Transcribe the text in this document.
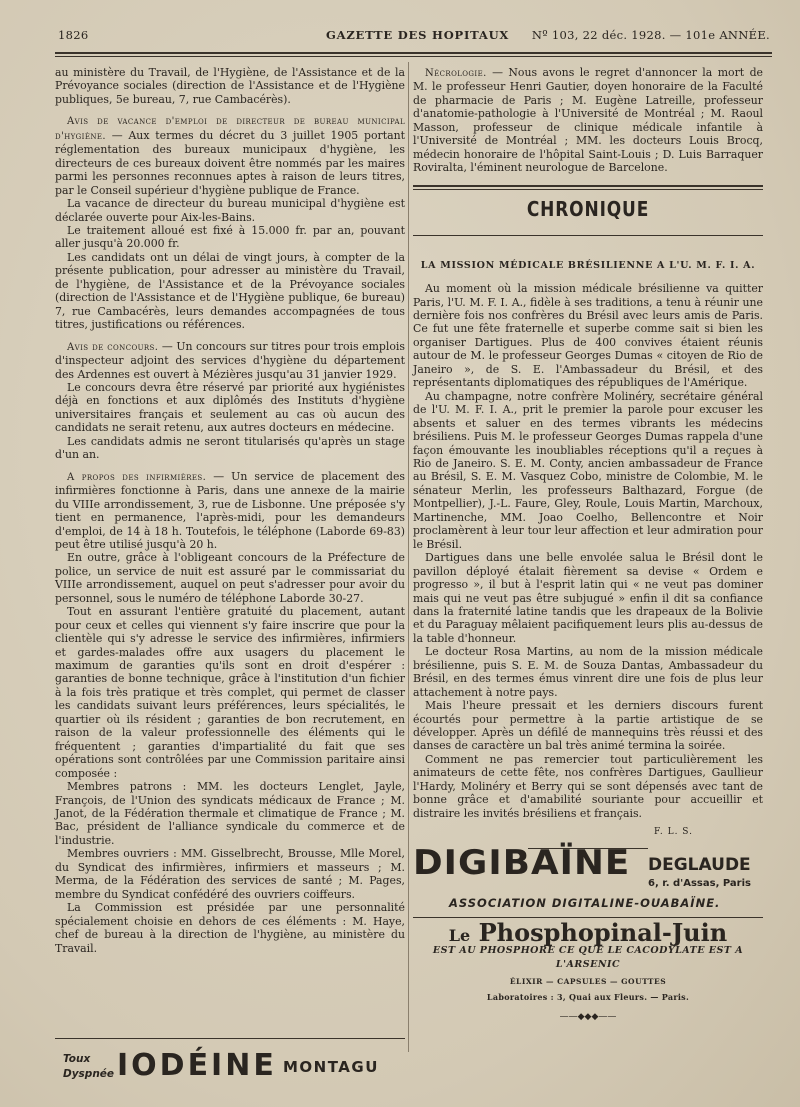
1826	GAZETTE DES HOPITAUX Nº 103, 22 déc. 1928. — 101e ANNÉE.

au ministère du Travail, de l'Hygiène, de l'Assistance et de la Prévoyance sociales (direction de l'Assistance et de l'Hygiène publiques, 5e bureau, 7, rue Cambacérès).

Avis de vacance d'emploi de directeur de bureau municipal d'hygiène. — Aux termes du décret du 3 juillet 1905 portant réglementation des bureaux municipaux d'hygiène, les directeurs de ces bureaux doivent être nommés par les maires parmi les personnes reconnues aptes à raison de leurs titres, par le Conseil supérieur d'hygiène publique de France.

La vacance de directeur du bureau municipal d'hygiène est déclarée ouverte pour Aix-les-Bains.

Le traitement alloué est fixé à 15.000 fr. par an, pouvant aller jusqu'à 20.000 fr.

Les candidats ont un délai de vingt jours, à compter de la présente publication, pour adresser au ministère du Travail, de l'hygiène, de l'Assistance et de la Prévoyance sociales (direction de l'Assistance et de l'Hygiène publique, 6e bureau) 7, rue Cambacérès, leurs demandes accompagnées de tous titres, justifications ou références.

Avis de concours. — Un concours sur titres pour trois emplois d'inspecteur adjoint des services d'hygiène du département des Ardennes est ouvert à Mézières jusqu'au 31 janvier 1929.

Le concours devra être réservé par priorité aux hygiénistes déjà en fonctions et aux diplômés des Instituts d'hygiène universitaires français et seulement au cas où aucun des candidats ne serait retenu, aux autres docteurs en médecine.

Les candidats admis ne seront titularisés qu'après un stage d'un an.

A propos des infirmières. — Un service de placement des infirmières fonctionne à Paris, dans une annexe de la mairie du VIIIe arrondissement, 3, rue de Lisbonne. Une préposée s'y tient en permanence, l'après-midi, pour les demandeurs d'emploi, de 14 à 18 h. Toutefois, le téléphone (Laborde 69-83) peut être utilisé jusqu'à 20 h.

En outre, grâce à l'obligeant concours de la Préfecture de police, un service de nuit est assuré par le commissariat du VIIIe arrondissement, auquel on peut s'adresser pour avoir du personnel, sous le numéro de téléphone Laborde 30-27.

Tout en assurant l'entière gratuité du placement, autant pour ceux et celles qui viennent s'y faire inscrire que pour la clientèle qui s'y adresse le service des infirmières, infirmiers et gardes-malades offre aux usagers du placement le maximum de garanties qu'ils sont en droit d'espérer : garanties de bonne technique, grâce à l'institution d'un fichier à la fois très pratique et très complet, qui permet de classer les candidats suivant leurs préférences, leurs spécialités, le quartier où ils résident ; garanties de bon recrutement, en raison de la valeur professionnelle des éléments qui le fréquentent ; garanties d'impartialité du fait que ses opérations sont contrôlées par une Commission paritaire ainsi composée :

Membres patrons : MM. les docteurs Lenglet, Jayle, François, de l'Union des syndicats médicaux de France ; M. Janot, de la Fédération thermale et climatique de France ; M. Bac, président de l'alliance syndicale du commerce et de l'industrie.

Membres ouvriers : MM. Gisselbrecht, Brousse, Mlle Morel, du Syndicat des infirmières, infirmiers et masseurs ; M. Merma, de la Fédération des services de santé ; M. Pages, membre du Syndicat confédéré des ouvriers coiffeurs.

La Commission est présidée par une personnalité spécialement choisie en dehors de ces éléments : M. Haye, chef de bureau à la direction de l'hygiène, au ministère du Travail.

Nécrologie. — Nous avons le regret d'annoncer la mort de M. le professeur Henri Gautier, doyen honoraire de la Faculté de pharmacie de Paris ; M. Eugène Latreille, professeur d'anatomie-pathologie à l'Université de Montréal ; M. Raoul Masson, professeur de clinique médicale infantile à l'Université de Montréal ; MM. les docteurs Louis Brocq, médecin honoraire de l'hôpital Saint-Louis ; D. Luis Barraquer Roviralta, l'éminent neurologue de Barcelone.

CHRONIQUE
LA MISSION MÉDICALE BRÉSILIENNE A L'U. M. F. I. A.

Au moment où la mission médicale brésilienne va quitter Paris, l'U. M. F. I. A., fidèle à ses traditions, a tenu à réunir une dernière fois nos confrères du Brésil avec leurs amis de Paris. Ce fut une fête fraternelle et superbe comme sait si bien les organiser Dartigues. Plus de 400 convives étaient réunis autour de M. le professeur Georges Dumas « citoyen de Rio de Janeiro », de S. E. l'Ambassadeur du Brésil, et des représentants diplomatiques des républiques de l'Amérique.

Au champagne, notre confrère Molinéry, secrétaire général de l'U. M. F. I. A., prit le premier la parole pour excuser les absents et saluer en des termes vibrants les médecins brésiliens. Puis M. le professeur Georges Dumas rappela d'une façon émouvante les inoubliables réceptions qu'il a reçues à Rio de Janeiro. S. E. M. Conty, ancien ambassadeur de France au Brésil, S. E. M. Vasquez Cobo, ministre de Colombie, M. le sénateur Merlin, les professeurs Balthazard, Forgue (de Montpellier), J.-L. Faure, Gley, Roule, Louis Martin, Marchoux, Martinenche, MM. Joao Coelho, Bellencontre et Noir proclamèrent à leur tour leur affection et leur admiration pour le Brésil.

Dartigues dans une belle envolée salua le Brésil dont le pavillon déployé étalait fièrement sa devise « Ordem e progresso », il but à l'esprit latin qui « ne veut pas dominer mais qui ne veut pas être subjugué » enfin il dit sa confiance dans la fraternité latine tandis que les drapeaux de la Bolivie et du Paraguay mêlaient pacifiquement leurs plis au-dessus de la table d'honneur.

Le docteur Rosa Martins, au nom de la mission médicale brésilienne, puis S. E. M. de Souza Dantas, Ambassadeur du Brésil, en des termes émus vinrent dire une fois de plus leur attachement à notre pays.

Mais l'heure pressait et les derniers discours furent écourtés pour permettre à la partie artistique de se développer. Après un défilé de mannequins très réussi et des danses de caractère un bal très animé termina la soirée.

Comment ne pas remercier tout particulièrement les animateurs de cette fête, nos confrères Dartigues, Gaullieur l'Hardy, Molinéry et Berry qui se sont dépensés avec tant de bonne grâce et d'amabilité souriante pour accueillir et distraire les invités brésiliens et français.

F. L. S.
DIGIBAÏNE DEGLAUDE
6, r. d'Assas, Paris
ASSOCIATION DIGITALINE-OUABAÏNE.
Le Phosphopinal-Juin
EST AU PHOSPHORE CE QUE LE CACODYLATE EST A L'ARSENIC
ÉLIXIR — CAPSULES — GOUTTES
Laboratoires : 3, Quai aux Fleurs. — Paris.
——◆◆◆——
Toux
Dyspnée IODÉINE MONTAGU
